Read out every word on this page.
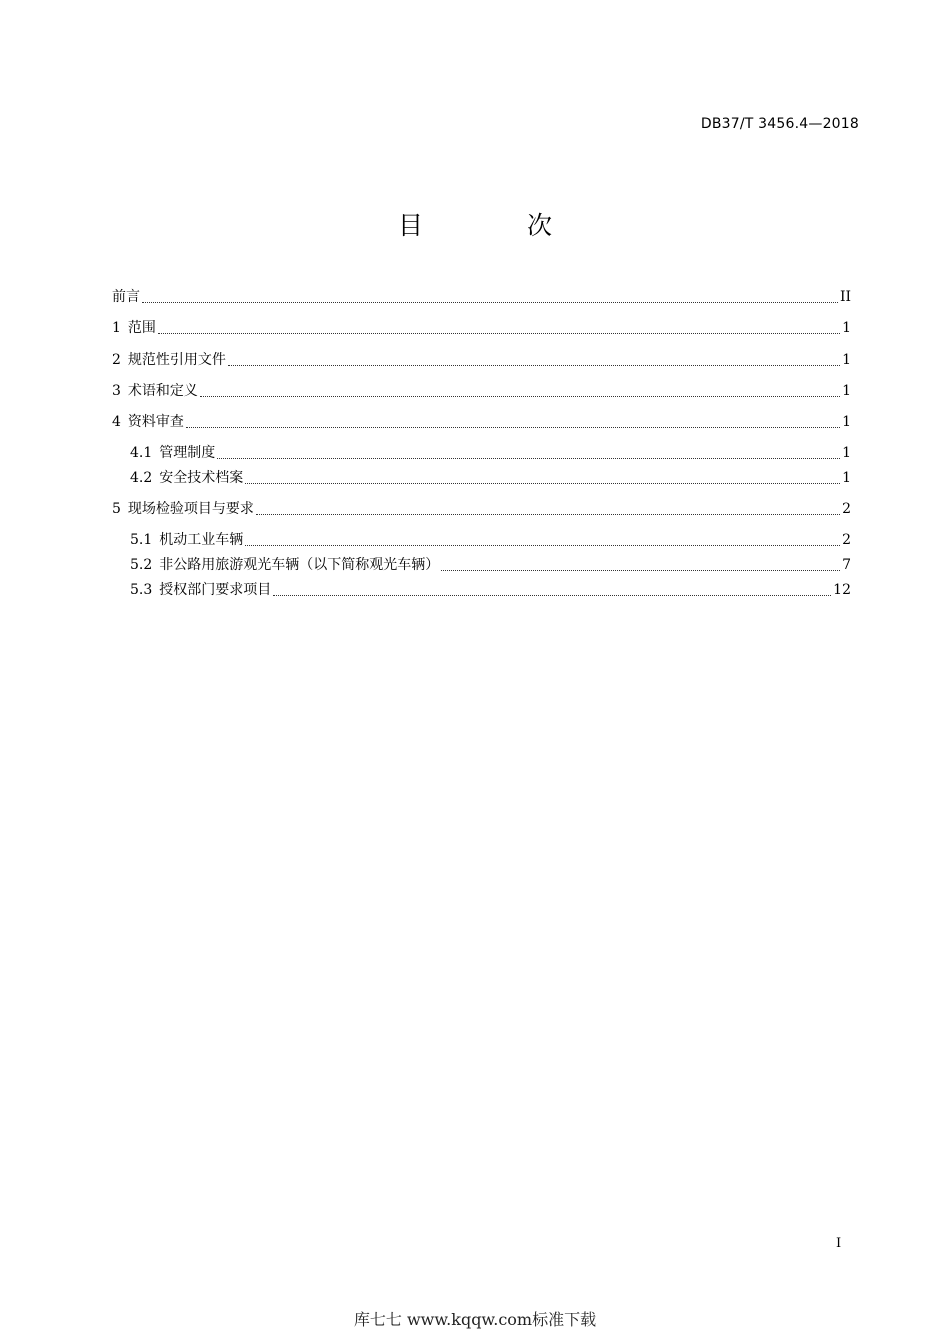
DB37/T 3456.4—2018
目 次
前言	II
1 范围	1
2 规范性引用文件	1
3 术语和定义	1
4 资料审查	1
4.1 管理制度	1
4.2 安全技术档案	1
5 现场检验项目与要求	2
5.1 机动工业车辆	2
5.2 非公路用旅游观光车辆（以下简称观光车辆）	7
5.3 授权部门要求项目	12
I
库七七 www.kqqw.com标准下载
